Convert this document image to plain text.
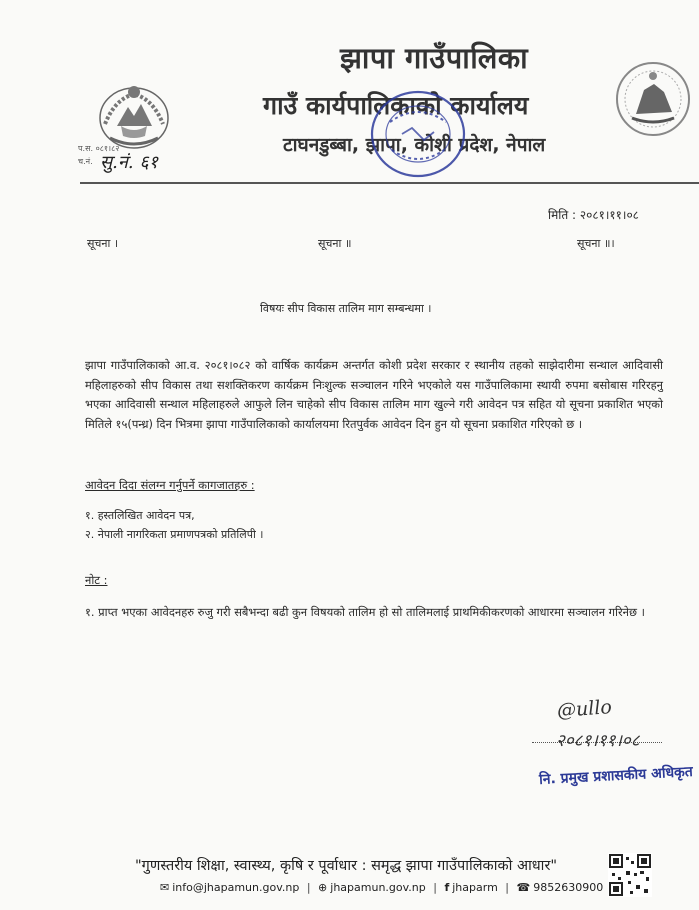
झापा गाउँपालिका
गाउँ कार्यपालिकाको कार्यालय
टाघनडुब्बा, झापा, कोशी प्रदेश, नेपाल
प.स. ०८१।८२
च.नं. सु.नं. ६१
मिति : २०८१।११।०८
सूचना ।	सूचना ॥	सूचना ॥।
विषयः सीप विकास तालिम माग सम्बन्धमा ।
झापा गाउँपालिकाको आ.व. २०८१।०८२ को वार्षिक कार्यक्रम अन्तर्गत कोशी प्रदेश सरकार र स्थानीय तहको साझेदारीमा सन्थाल आदिवासी महिलाहरुको सीप विकास तथा सशक्तिकरण कार्यक्रम निःशुल्क सञ्चालन गरिने भएकोले यस गाउँपालिकामा स्थायी रुपमा बसोबास गरिरहनु भएका आदिवासी सन्थाल महिलाहरुले आफुले लिन चाहेको सीप विकास तालिम माग खुल्ने गरी आवेदन पत्र सहित यो सूचना प्रकाशित भएको मितिले १५(पन्ध्र) दिन भित्रमा झापा गाउँपालिकाको कार्यालयमा रितपुर्वक आवेदन दिन हुन यो सूचना प्रकाशित गरिएको छ ।
आवेदन दिदा संलग्न गर्नुपर्ने कागजातहरु :
१. हस्तलिखित आवेदन पत्र,
२. नेपाली नागरिकता प्रमाणपत्रको प्रतिलिपी ।
नोट :
१. प्राप्त भएका आवेदनहरु रुजु गरी सबैभन्दा बढी कुन विषयको तालिम हो सो तालिमलाई प्राथमिकीकरणको आधारमा सञ्चालन गरिनेछ ।
@ullo
२०८१।११।०८
नि. प्रमुख प्रशासकीय अधिकृत
"गुणस्तरीय शिक्षा, स्वास्थ्य, कृषि र पूर्वाधार : समृद्ध झापा गाउँपालिकाको आधार"
✉ info@jhapamun.gov.np | ⊕ jhapamun.gov.np | f jhaparm | ☎ 9852630900
